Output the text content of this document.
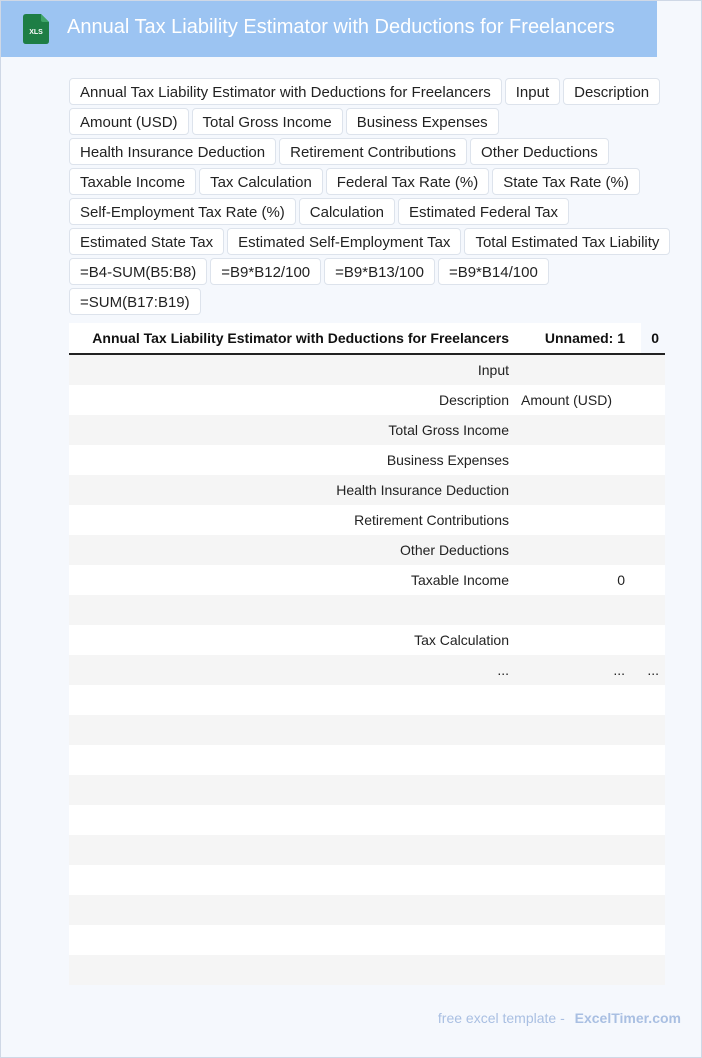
XLS Annual Tax Liability Estimator with Deductions for Freelancers
Annual Tax Liability Estimator with Deductions for Freelancers	Input	Description
Amount (USD)	Total Gross Income	Business Expenses
Health Insurance Deduction	Retirement Contributions	Other Deductions
Taxable Income	Tax Calculation	Federal Tax Rate (%)	State Tax Rate (%)
Self-Employment Tax Rate (%)	Calculation	Estimated Federal Tax
Estimated State Tax	Estimated Self-Employment Tax	Total Estimated Tax Liability
=B4-SUM(B5:B8)	=B9*B12/100	=B9*B13/100	=B9*B14/100
=SUM(B17:B19)
	Annual Tax Liability Estimator with Deductions for Freelancers	Unnamed: 1	0

	Input		

	Description	Amount (USD)	

	Total Gross Income		

	Business Expenses		

	Health Insurance Deduction		

	Retirement Contributions		

	Other Deductions		

	Taxable Income	0	

	Tax Calculation		

	...	...	...

free excel template - ExcelTimer.com
